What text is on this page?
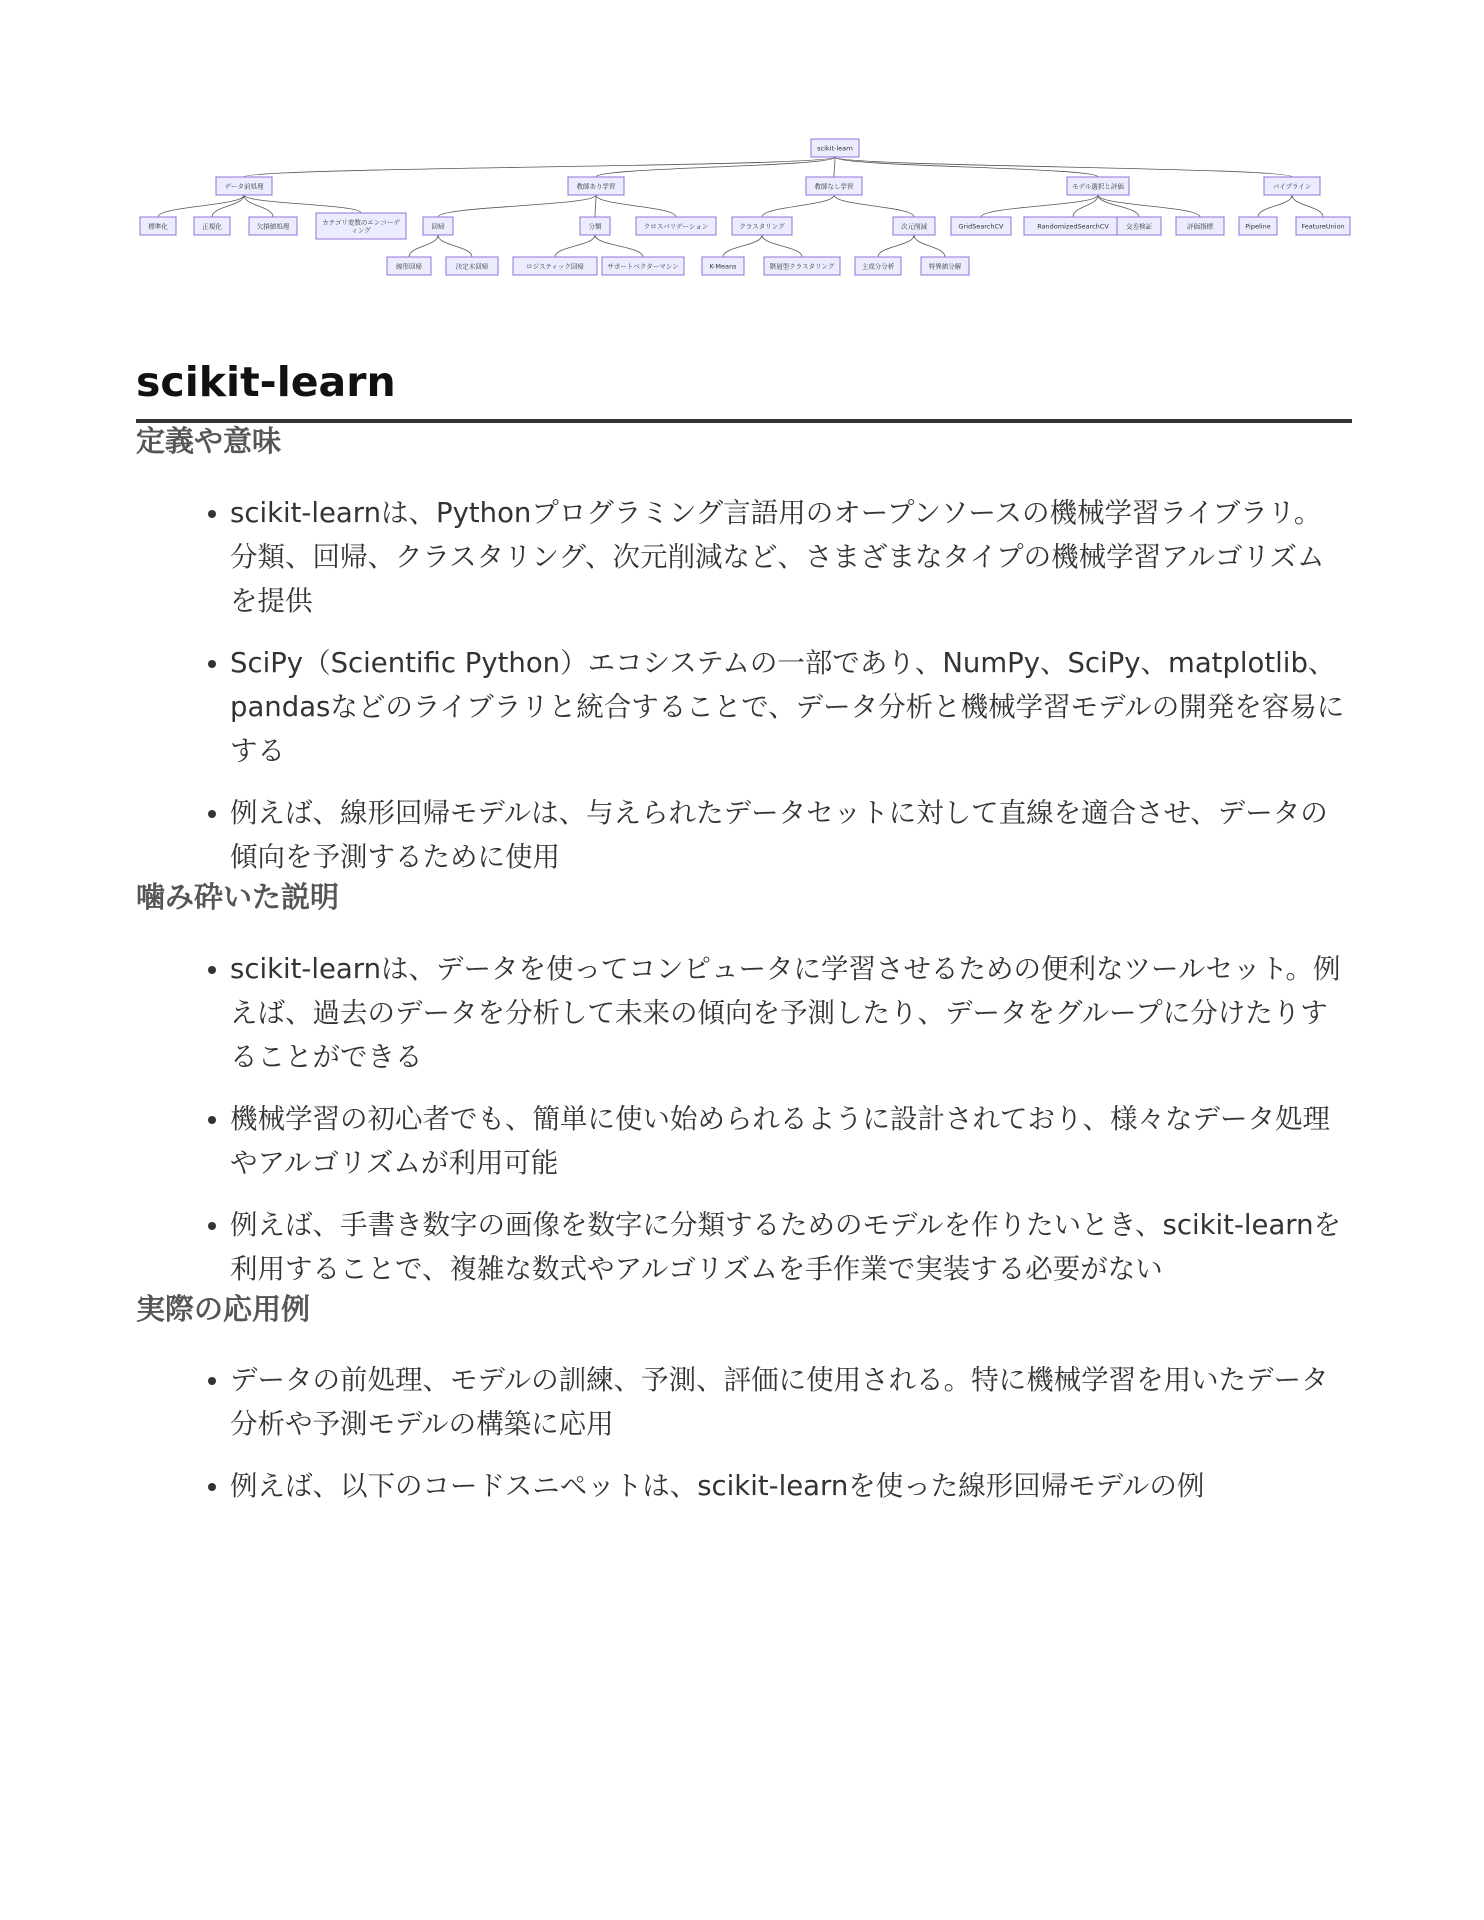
scikit-learn
データ前処理	教師あり学習	教師なし学習	モデル選択と評価	パイプライン
標準化	正規化	欠損値処理	カテゴリ変数のエンコーデ
ィング	回帰	分類	クロスバリデーション	クラスタリング	次元削減	GridSearchCV	RandomizedSearchCV	交差検証	評価指標	Pipeline	FeatureUnion
線形回帰	決定木回帰	ロジスティック回帰	サポートベクターマシン	K-Means	階層型クラスタリング	主成分分析	特異値分解
scikit-learn
定義や意味
scikit-learnは、Pythonプログラミング言語用のオープンソースの機械学習ライブラリ。分類、回帰、クラスタリング、次元削減など、さまざまなタイプの機械学習アルゴリズムを提供
SciPy（Scientific Python）エコシステムの一部であり、NumPy、SciPy、matplotlib、pandasなどのライブラリと統合することで、データ分析と機械学習モデルの開発を容易にする
例えば、線形回帰モデルは、与えられたデータセットに対して直線を適合させ、データの傾向を予測するために使用
噛み砕いた説明
scikit-learnは、データを使ってコンピュータに学習させるための便利なツールセット。例えば、過去のデータを分析して未来の傾向を予測したり、データをグループに分けたりすることができる
機械学習の初心者でも、簡単に使い始められるように設計されており、様々なデータ処理やアルゴリズムが利用可能
例えば、手書き数字の画像を数字に分類するためのモデルを作りたいとき、scikit-learnを利用することで、複雑な数式やアルゴリズムを手作業で実装する必要がない
実際の応用例
データの前処理、モデルの訓練、予測、評価に使用される。特に機械学習を用いたデータ分析や予測モデルの構築に応用
例えば、以下のコードスニペットは、scikit-learnを使った線形回帰モデルの例
